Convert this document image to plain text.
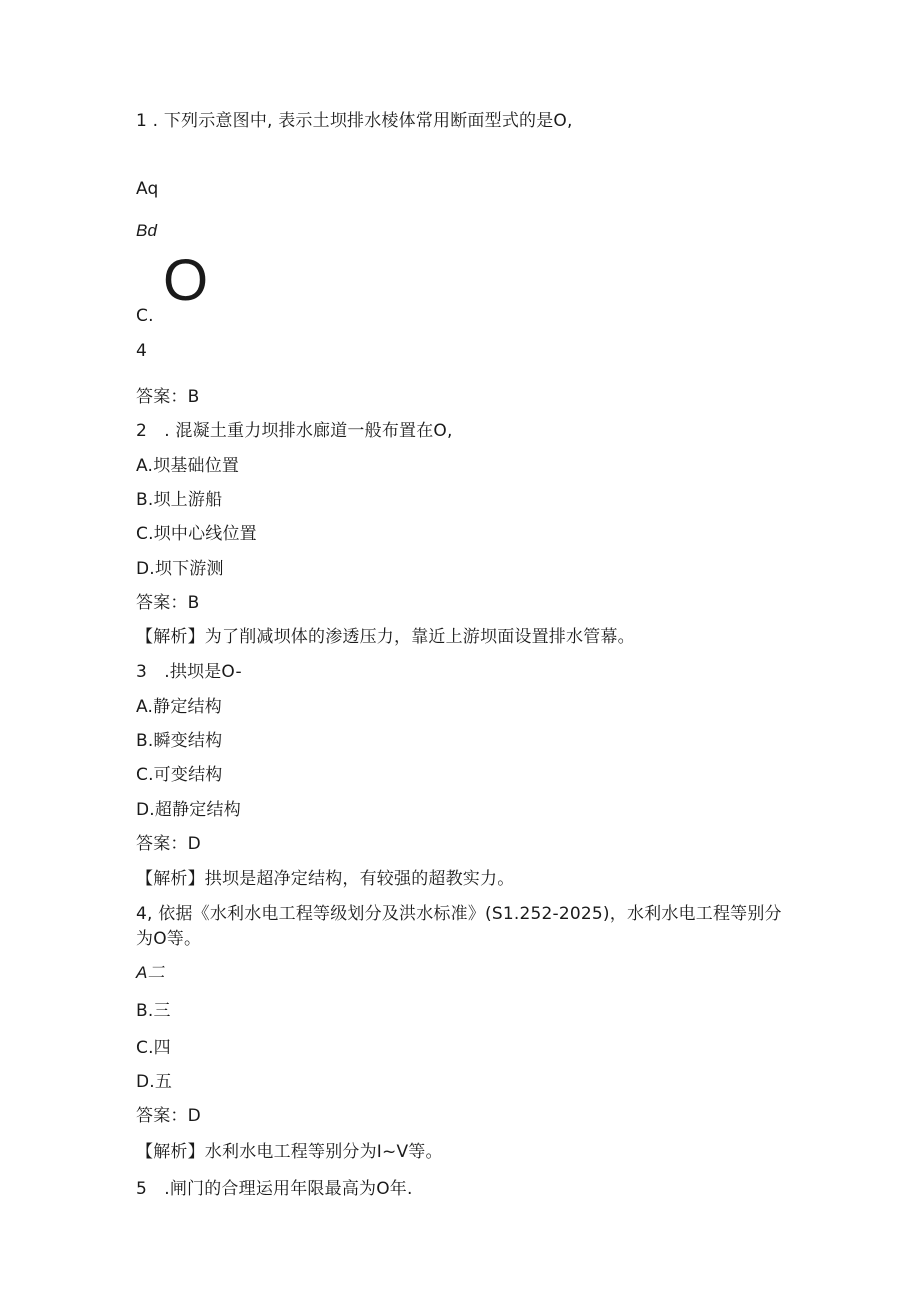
1 . 下列示意图中, 表示土坝排水棱体常用断面型式的是O,
Aq
Bd
O
C.
4
答案：B
2　. 混凝土重力坝排水廊道一般布置在O,
A.坝基础位置
B.坝上游船
C.坝中心线位置
D.坝下游测
答案：B
【解析】为了削减坝体的渗透压力，靠近上游坝面设置排水管幕。
3　.拱坝是O-
A.静定结构
B.瞬变结构
C.可变结构
D.超静定结构
答案：D
【解析】拱坝是超净定结构，有较强的超教实力。
4, 依据《水利水电工程等级划分及洪水标准》(S1.252-2025)，水利水电工程等别分为O等。
A二
B.三
C.四
D.五
答案：D
【解析】水利水电工程等别分为I~V等。
5　.闸门的合理运用年限最高为O年.
